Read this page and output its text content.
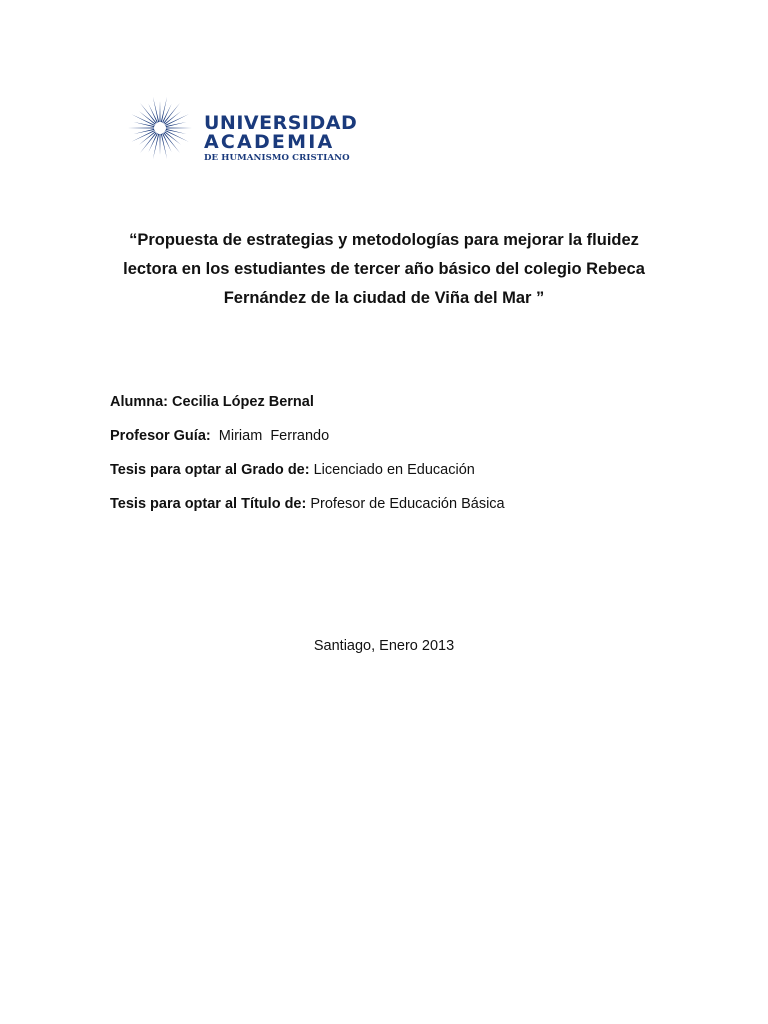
UNIVERSIDAD
ACADEMIA
DE HUMANISMO CRISTIANO
“Propuesta de estrategias y metodologías para mejorar la fluidez lectora en los estudiantes de tercer año básico del colegio Rebeca Fernández de la ciudad de Viña del Mar ”
Alumna: Cecilia López Bernal
Profesor Guía:  Miriam  Ferrando
Tesis para optar al Grado de: Licenciado en Educación
Tesis para optar al Título de: Profesor de Educación Básica
Santiago, Enero 2013
